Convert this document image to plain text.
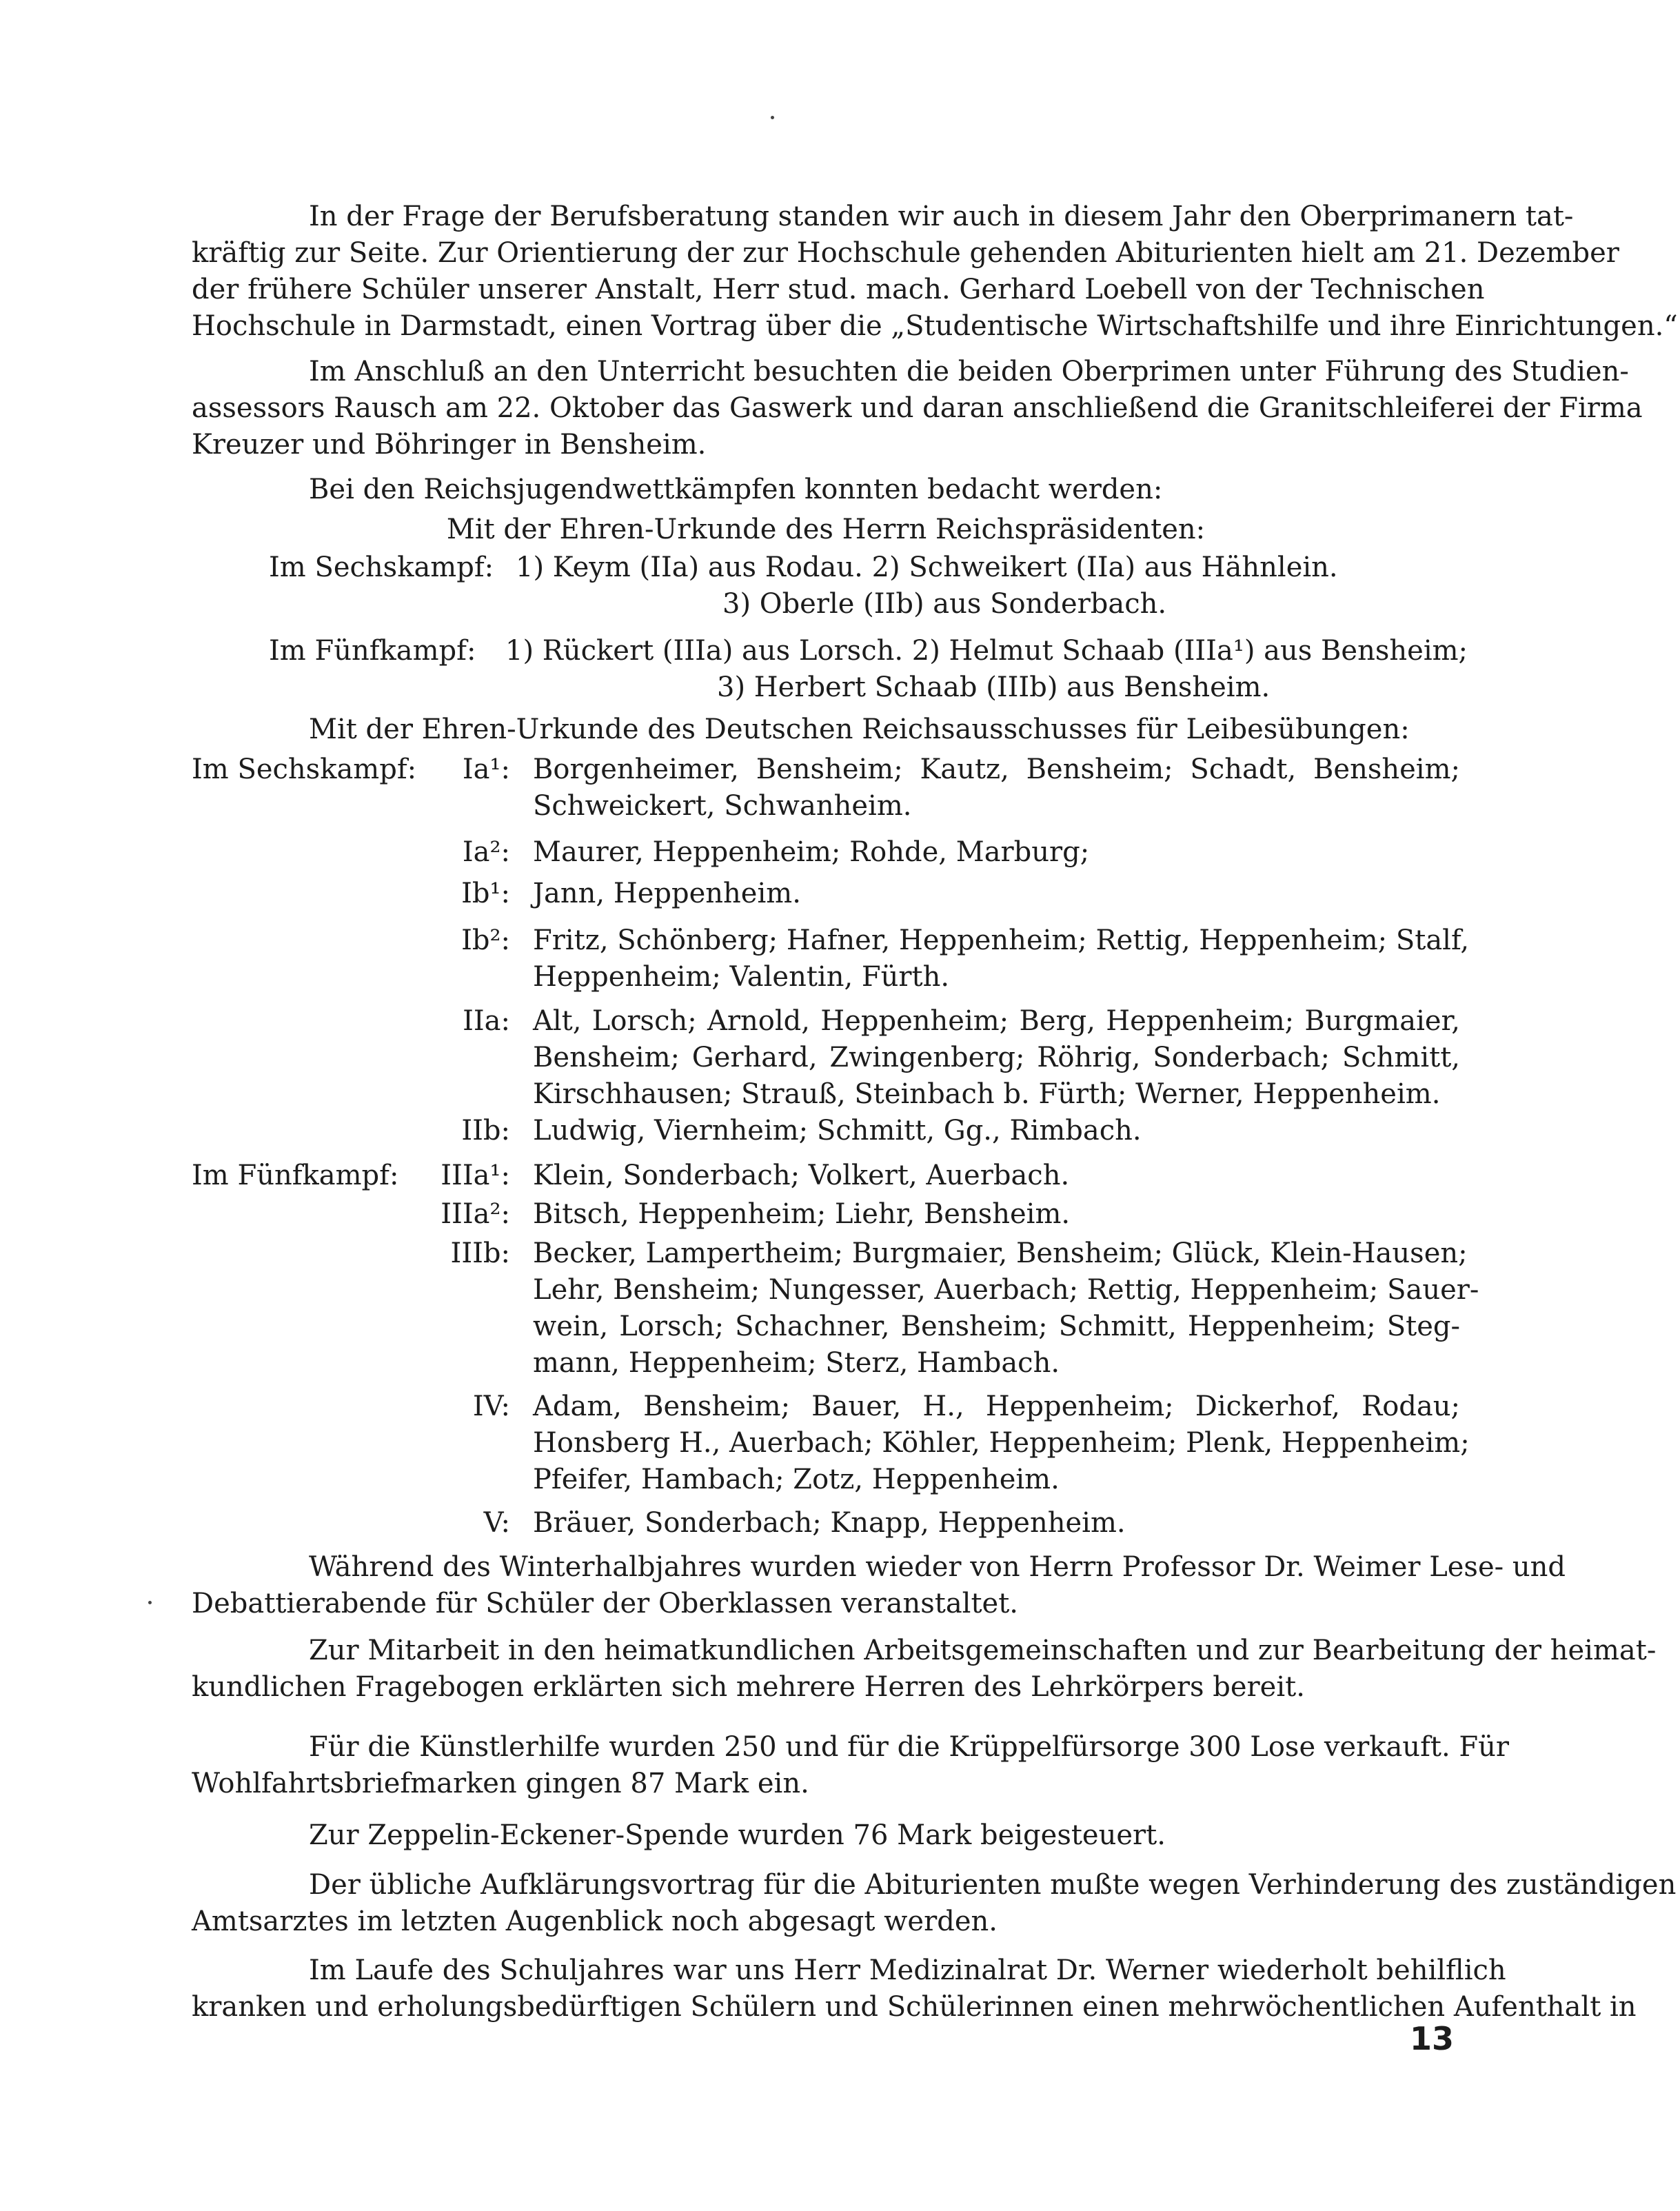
In der Frage der Berufsberatung standen wir auch in diesem Jahr den Oberprimanern tat-
kräftig zur Seite. Zur Orientierung der zur Hochschule gehenden Abiturienten hielt am 21. Dezember
der frühere Schüler unserer Anstalt, Herr stud. mach. Gerhard Loebell von der Technischen
Hochschule in Darmstadt, einen Vortrag über die „Studentische Wirtschaftshilfe und ihre Einrichtungen.“
Im Anschluß an den Unterricht besuchten die beiden Oberprimen unter Führung des Studien-
assessors Rausch am 22. Oktober das Gaswerk und daran anschließend die Granitschleiferei der Firma
Kreuzer und Böhringer in Bensheim.
Bei den Reichsjugendwettkämpfen konnten bedacht werden:
Mit der Ehren-Urkunde des Herrn Reichspräsidenten:
Im Sechskampf: 1) Keym (IIa) aus Rodau. 2) Schweikert (IIa) aus Hähnlein.
3) Oberle (IIb) aus Sonderbach.
Im Fünfkampf: 1) Rückert (IIIa) aus Lorsch. 2) Helmut Schaab (IIIa¹) aus Bensheim;
3) Herbert Schaab (IIIb) aus Bensheim.
Mit der Ehren-Urkunde des Deutschen Reichsausschusses für Leibesübungen:
Im Sechskampf:	Ia¹: Borgenheimer, Bensheim; Kautz, Bensheim; Schadt, Bensheim;
Schweickert, Schwanheim.
Ia²: Maurer, Heppenheim; Rohde, Marburg;
Ib¹: Jann, Heppenheim.
Ib²: Fritz, Schönberg; Hafner, Heppenheim; Rettig, Heppenheim; Stalf,
Heppenheim; Valentin, Fürth.
IIa: Alt, Lorsch; Arnold, Heppenheim; Berg, Heppenheim; Burgmaier,
Bensheim; Gerhard, Zwingenberg; Röhrig, Sonderbach; Schmitt,
Kirschhausen; Strauß, Steinbach b. Fürth; Werner, Heppenheim.
IIb: Ludwig, Viernheim; Schmitt, Gg., Rimbach.
Im Fünfkampf:	IIIa¹: Klein, Sonderbach; Volkert, Auerbach.
IIIa²: Bitsch, Heppenheim; Liehr, Bensheim.
IIIb: Becker, Lampertheim; Burgmaier, Bensheim; Glück, Klein-Hausen;
Lehr, Bensheim; Nungesser, Auerbach; Rettig, Heppenheim; Sauer-
wein, Lorsch; Schachner, Bensheim; Schmitt, Heppenheim; Steg-
mann, Heppenheim; Sterz, Hambach.
IV: Adam, Bensheim; Bauer, H., Heppenheim; Dickerhof, Rodau;
Honsberg H., Auerbach; Köhler, Heppenheim; Plenk, Heppenheim;
Pfeifer, Hambach; Zotz, Heppenheim.
V: Bräuer, Sonderbach; Knapp, Heppenheim.
Während des Winterhalbjahres wurden wieder von Herrn Professor Dr. Weimer Lese- und
Debattierabende für Schüler der Oberklassen veranstaltet.
Zur Mitarbeit in den heimatkundlichen Arbeitsgemeinschaften und zur Bearbeitung der heimat-
kundlichen Fragebogen erklärten sich mehrere Herren des Lehrkörpers bereit.
Für die Künstlerhilfe wurden 250 und für die Krüppelfürsorge 300 Lose verkauft. Für
Wohlfahrtsbriefmarken gingen 87 Mark ein.
Zur Zeppelin-Eckener-Spende wurden 76 Mark beigesteuert.
Der übliche Aufklärungsvortrag für die Abiturienten mußte wegen Verhinderung des zuständigen
Amtsarztes im letzten Augenblick noch abgesagt werden.
Im Laufe des Schuljahres war uns Herr Medizinalrat Dr. Werner wiederholt behilflich
kranken und erholungsbedürftigen Schülern und Schülerinnen einen mehrwöchentlichen Aufenthalt in
13
